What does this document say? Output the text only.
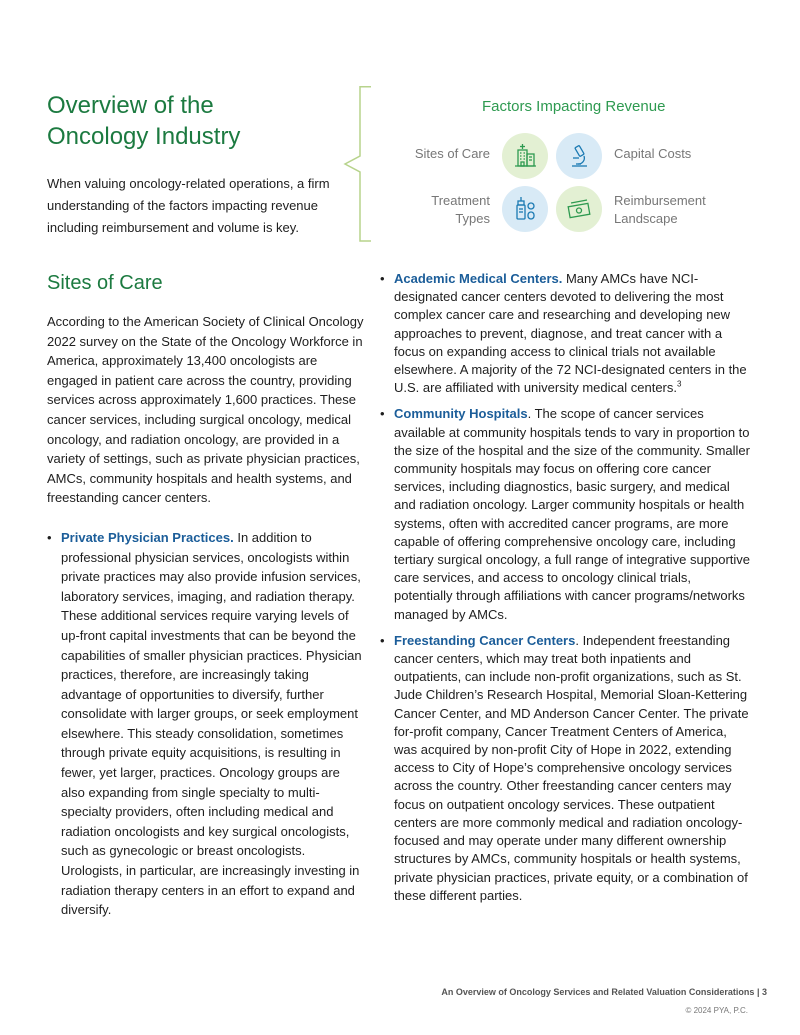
Overview of the
Oncology Industry

When valuing oncology-related operations, a firm understanding of the factors impacting revenue including reimbursement and volume is key.

Factors Impacting Revenue
Sites of Care	Capital Costs
Treatment
Types
Reimbursement
Landscape
Sites of Care

According to the American Society of Clinical Oncology 2022 survey on the State of the Oncology Workforce in America, approximately 13,400 oncologists are engaged in patient care across the country, providing services across approximately 1,600 practices. These cancer services, including surgical oncology, medical oncology, and radiation oncology, are provided in a variety of settings, such as private physician practices, AMCs, community hospitals and health systems, and freestanding cancer centers.

• Private Physician Practices. In addition to professional physician services, oncologists within private practices may also provide infusion services, laboratory services, imaging, and radiation therapy. These additional services require varying levels of up-front capital investments that can be beyond the capabilities of smaller physician practices. Physician practices, therefore, are increasingly taking advantage of opportunities to diversify, further consolidate with larger groups, or seek employment elsewhere. This steady consolidation, sometimes through private equity acquisitions, is resulting in fewer, yet larger, practices. Oncology groups are also expanding from single specialty to multi-specialty providers, often including medical and radiation oncologists and key surgical oncologists, such as gynecologic or breast oncologists. Urologists, in particular, are increasingly investing in radiation therapy centers in an effort to expand and diversify.
• Academic Medical Centers. Many AMCs have NCI-designated cancer centers devoted to delivering the most complex cancer care and researching and developing new approaches to prevent, diagnose, and treat cancer with a focus on expanding access to clinical trials not available elsewhere. A majority of the 72 NCI-designated centers in the U.S. are affiliated with university medical centers.$^3$
• Community Hospitals. The scope of cancer services available at community hospitals tends to vary in proportion to the size of the hospital and the size of the community. Smaller community hospitals may focus on offering core cancer services, including diagnostics, basic surgery, and medical and radiation oncology. Larger community hospitals or health systems, often with accredited cancer programs, are more capable of offering comprehensive oncology care, including tertiary surgical oncology, a full range of integrative supportive care services, and access to oncology clinical trials, potentially through affiliations with cancer programs/networks managed by AMCs.
• Freestanding Cancer Centers. Independent freestanding cancer centers, which may treat both inpatients and outpatients, can include non-profit organizations, such as St. Jude Children’s Research Hospital, Memorial Sloan-Kettering Cancer Center, and MD Anderson Cancer Center. The private for-profit company, Cancer Treatment Centers of America, was acquired by non-profit City of Hope in 2022, extending access to City of Hope’s comprehensive oncology services across the country. Other freestanding cancer centers may focus on outpatient oncology services. These outpatient centers are more commonly medical and radiation oncology-focused and may operate under many different ownership structures by AMCs, community hospitals or health systems, private physician practices, private equity, or a combination of these different parties.
An Overview of Oncology Services and Related Valuation Considerations | 3
© 2024 PYA, P.C.
